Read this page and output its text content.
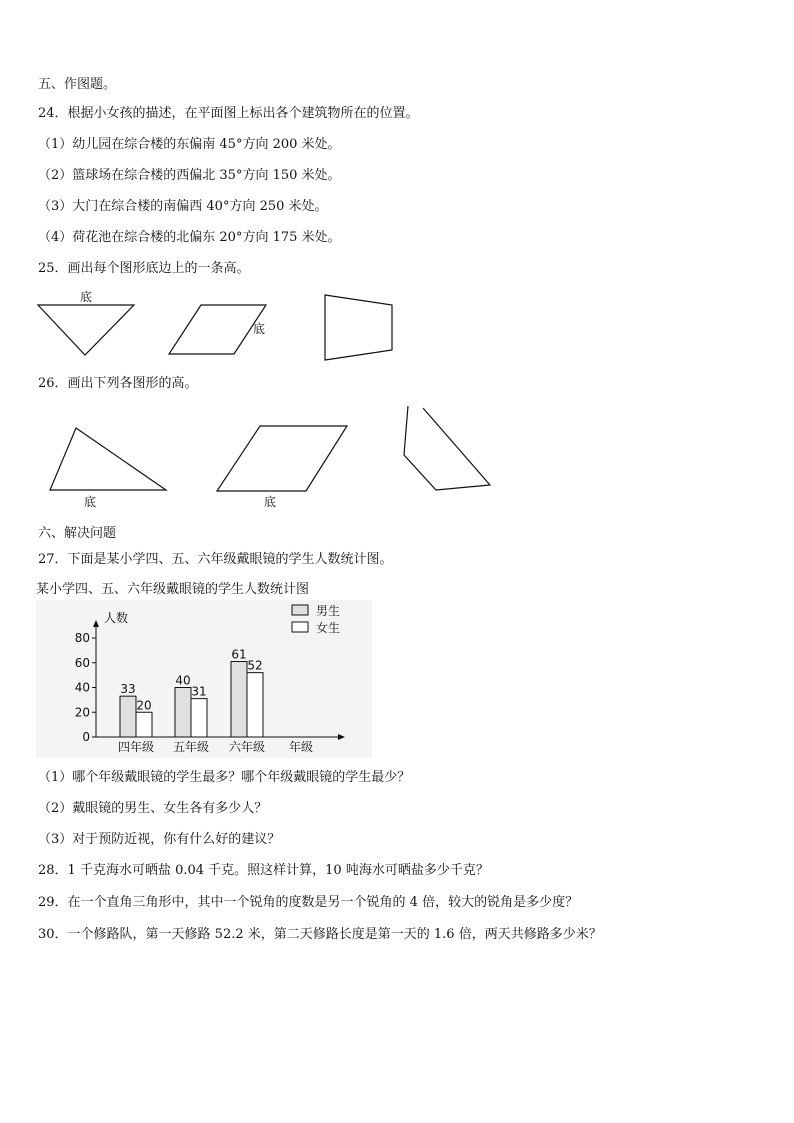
五、作图题。
24．根据小女孩的描述，在平面图上标出各个建筑物所在的位置。
（1）幼儿园在综合楼的东偏南 45°方向 200 米处。
（2）篮球场在综合楼的西偏北 35°方向 150 米处。
（3）大门在综合楼的南偏西 40°方向 250 米处。
（4）荷花池在综合楼的北偏东 20°方向 175 米处。
25．画出每个图形底边上的一条高。
底
底
26．画出下列各图形的高。
底	底
六、解决问题
27．下面是某小学四、五、六年级戴眼镜的学生人数统计图。
某小学四、五、六年级戴眼镜的学生人数统计图
人数
年级
0
20
40
60
80
33
20
四年级
40
31
五年级
61
52
六年级
男生
女生
（1）哪个年级戴眼镜的学生最多？哪个年级戴眼镜的学生最少？
（2）戴眼镜的男生、女生各有多少人？
（3）对于预防近视，你有什么好的建议？
28．1 千克海水可晒盐 0.04 千克。照这样计算，10 吨海水可晒盐多少千克？
29．在一个直角三角形中，其中一个锐角的度数是另一个锐角的 4 倍，较大的锐角是多少度？
30．一个修路队，第一天修路 52.2 米，第二天修路长度是第一天的 1.6 倍，两天共修路多少米？
